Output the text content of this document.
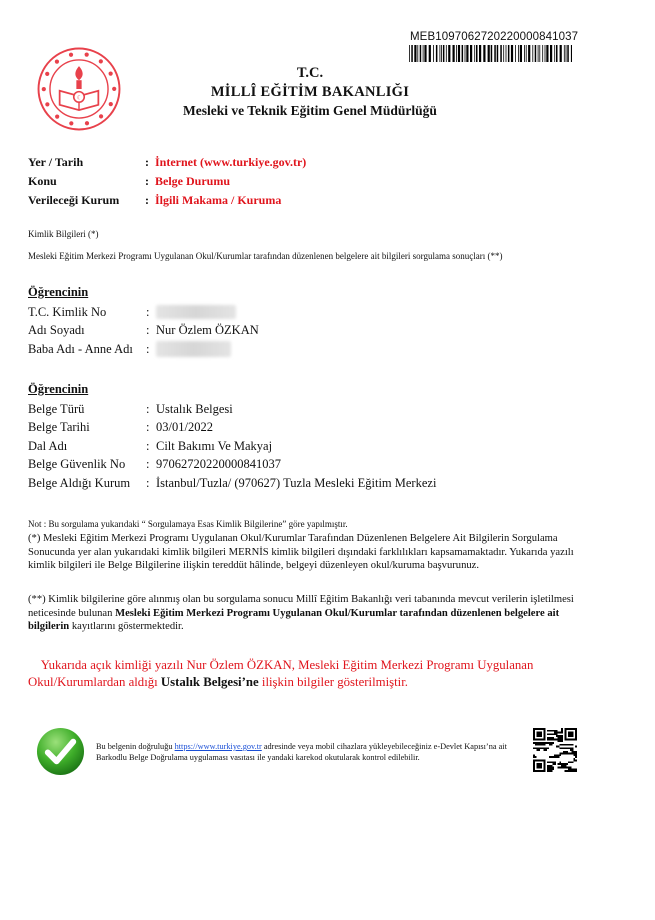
MEB1097062720220000841037
☾
T.C.
MİLLÎ EĞİTİM BAKANLIĞI
Mesleki ve Teknik Eğitim Genel Müdürlüğü
Yer / Tarih	: İnternet (www.turkiye.gov.tr)
Konu	: Belge Durumu
Verileceği Kurum	: İlgili Makama / Kuruma
Kimlik Bilgileri (*)
Mesleki Eğitim Merkezi Programı Uygulanan Okul/Kurumlar tarafından düzenlenen belgelere ait bilgileri sorgulama sonuçları (**)
Öğrencinin
T.C. Kimlik No	:
Adı Soyadı	: Nur Özlem ÖZKAN
Baba Adı - Anne Adı	:
Öğrencinin
Belge Türü	: Ustalık Belgesi
Belge Tarihi	: 03/01/2022
Dal Adı	: Cilt Bakımı Ve Makyaj
Belge Güvenlik No	: 97062720220000841037
Belge Aldığı Kurum	: İstanbul/Tuzla/ (970627) Tuzla Mesleki Eğitim Merkezi
Not : Bu sorgulama yukarıdaki “ Sorgulamaya Esas Kimlik Bilgilerine” göre yapılmıştır.
(*) Mesleki Eğitim Merkezi Programı Uygulanan Okul/Kurumlar Tarafından Düzenlenen Belgelere Ait Bilgilerin Sorgulama Sonucunda yer alan yukarıdaki kimlik bilgileri MERNİS kimlik bilgileri dışındaki farklılıkları kapsamamaktadır. Yukarıda yazılı kimlik bilgileri ile Belge Bilgilerine ilişkin tereddüt hâlinde, belgeyi düzenleyen okul/kuruma başvurunuz.
(**) Kimlik bilgilerine göre alınmış olan bu sorgulama sonucu Millî Eğitim Bakanlığı veri tabanında mevcut verilerin işletilmesi neticesinde bulunan Mesleki Eğitim Merkezi Programı Uygulanan Okul/Kurumlar tarafından düzenlenen belgelere ait bilgilerin kayıtlarını göstermektedir.
Yukarıda açık kimliği yazılı Nur Özlem ÖZKAN, Mesleki Eğitim Merkezi Programı Uygulanan Okul/Kurumlardan aldığı Ustalık Belgesi’ne ilişkin bilgiler gösterilmiştir.
Bu belgenin doğruluğu https://www.turkiye.gov.tr adresinde veya mobil cihazlara yükleyebileceğiniz e-Devlet Kapısı’na ait Barkodlu Belge Doğrulama uygulaması vasıtası ile yandaki karekod okutularak kontrol edilebilir.
